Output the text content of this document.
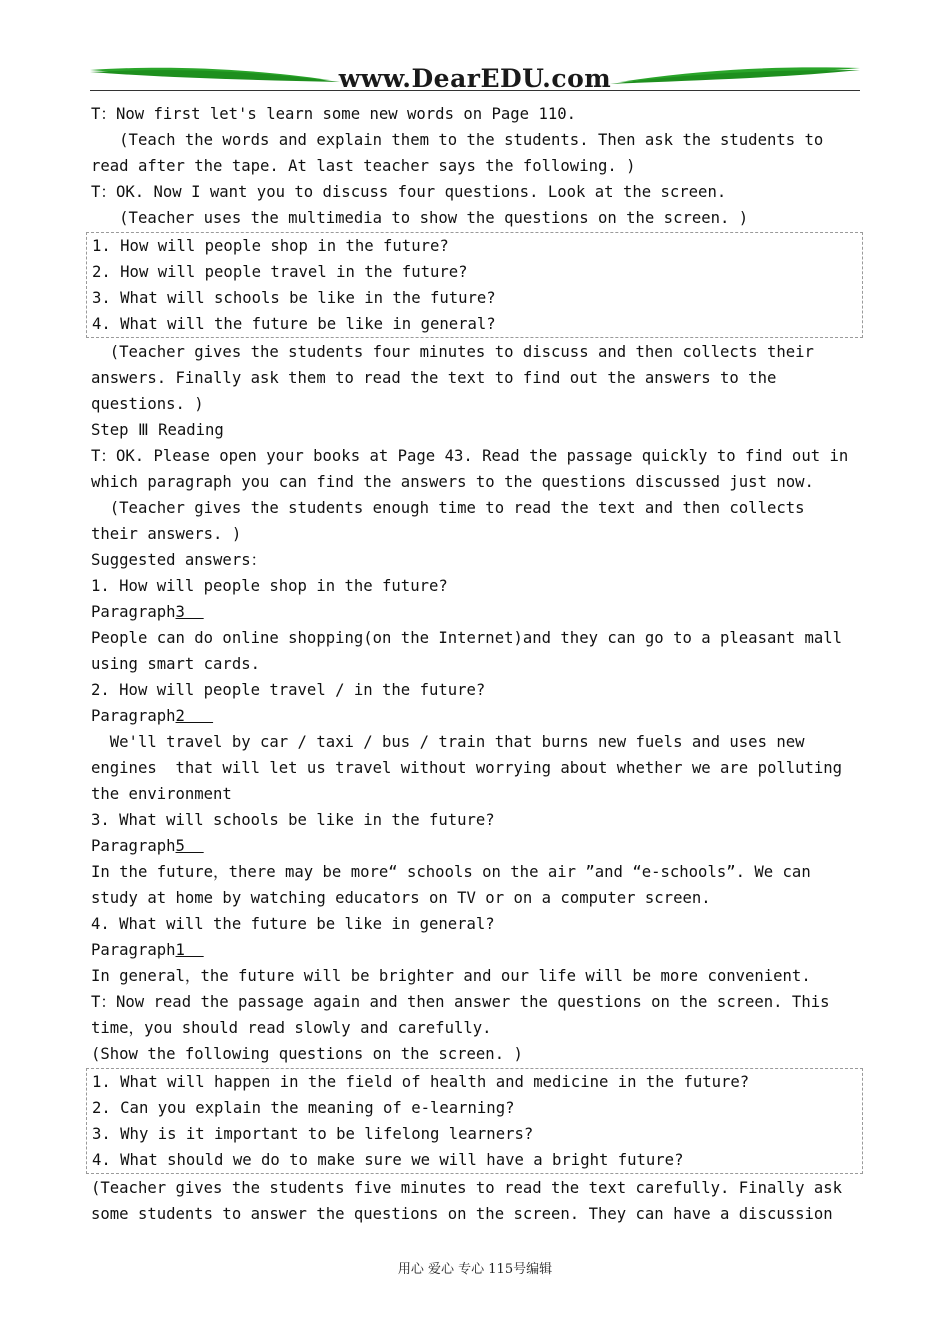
www.DearEDU.com
T：Now first let's learn some new words on Page 110.
(Teach the words and explain them to the students. Then ask the students to
read after the tape. At last teacher says the following. )
T：OK. Now I want you to discuss four questions. Look at the screen.
(Teacher uses the multimedia to show the questions on the screen. )
1. How will people shop in the future?
2. How will people travel in the future?
3. What will schools be like in the future?
4. What will the future be like in general?
(Teacher gives the students four minutes to discuss and then collects their
answers. Finally ask them to read the text to find out the answers to the
questions. )
Step Ⅲ Reading
T：OK. Please open your books at Page 43. Read the passage quickly to find out in
which paragraph you can find the answers to the questions discussed just now.
(Teacher gives the students enough time to read the text and then collects
their answers. )
Suggested answers：
1. How will people shop in the future?
Paragraph3
People can do online shopping(on the Internet)and they can go to a pleasant mall
using smart cards.
2. How will people travel / in the future?
Paragraph2
We'll travel by car / taxi / bus / train that burns new fuels and uses new
engines  that will let us travel without worrying about whether we are polluting
the environment
3. What will schools be like in the future?
Paragraph5
In the future，there may be more“ schools on the air ”and “e-schools”. We can
study at home by watching educators on TV or on a computer screen.
4. What will the future be like in general?
Paragraph1
In general，the future will be brighter and our life will be more convenient.
T：Now read the passage again and then answer the questions on the screen. This
time，you should read slowly and carefully.
(Show the following questions on the screen. )
1. What will happen in the field of health and medicine in the future?
2. Can you explain the meaning of e-learning?
3. Why is it important to be lifelong learners?
4. What should we do to make sure we will have a bright future?
(Teacher gives the students five minutes to read the text carefully. Finally ask
some students to answer the questions on the screen. They can have a discussion
用心 爱心 专心 115号编辑
